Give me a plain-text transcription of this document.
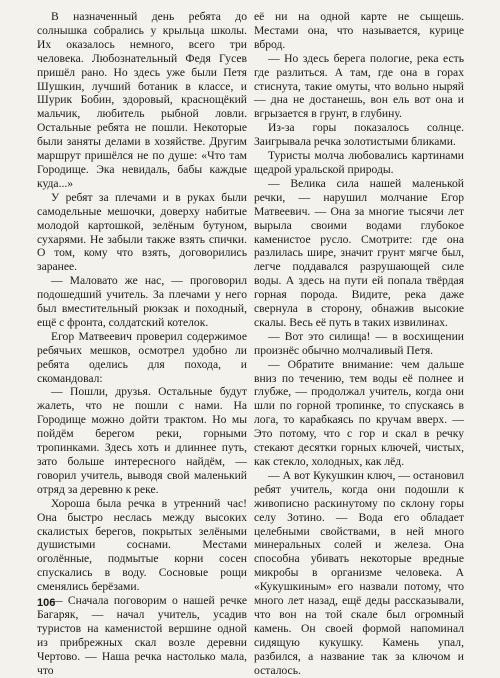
В назначенный день ребята до солнышка собрались у крыльца школы. Их оказалось немного, всего три человека. Любознательный Федя Гусев пришёл рано. Но здесь уже были Петя Шушкин, лучший ботаник в классе, и Шурик Бобин, здоровый, краснощёкий мальчик, любитель рыбной ловли. Остальные ребята не пошли. Некоторые были заняты делами в хозяйстве. Другим маршрут пришёлся не по душе: «Что там Городище. Эка невидаль, бабы каждые куда...»

У ребят за плечами и в руках были самодельные мешочки, доверху набитые молодой картошкой, зелёным бутуном, сухарями. Не забыли также взять спички. О том, кому что взять, договорились заранее.

— Маловато же нас, — проговорил подошедший учитель. За плечами у него был вместительный рюкзак и походный, ещё с фронта, солдатский котелок.

Егор Матвеевич проверил содержимое ребячьих мешков, осмотрел удобно ли ребята оделись для похода, и скомандовал:

— Пошли, друзья. Остальные будут жалеть, что не пошли с нами. На Городище можно дойти трактом. Но мы пойдём берегом реки, горными тропинками. Здесь хоть и длиннее путь, зато больше интересного найдём, — говорил учитель, выводя свой маленький отряд за деревню к реке.

Хороша была речка в утренний час! Она быстро неслась между высоких скалистых берегов, покрытых зелёными душистыми соснами. Местами оголённые, подмытые корни сосен спускались в воду. Сосновые рощи сменялись берёзами.

— Сначала поговорим о нашей речке Багаряк, — начал учитель, усадив туристов на каменистой вершине одной из прибрежных скал возле деревни Чертово. — Наша речка настолько мала, что

её ни на одной карте не сыщешь. Местами она, что называется, курице вброд.

— Но здесь берега пологие, река есть где разлиться. А там, где она в горах стиснута, такие омуты, что вольно ныряй — дна не достанешь, вон ель вот она и вгрызается в грунт, в глубину.

Из-за горы показалось солнце. Заигрывала речка золотистыми бликами.

Туристы молча любовались картинами щедрой уральской природы.

— Велика сила нашей маленькой речки, — нарушил молчание Егор Матвеевич. — Она за многие тысячи лет вырыла своими водами глубокое каменистое русло. Смотрите: где она разлилась шире, значит грунт мягче был, легче поддавался разрушающей силе воды. А здесь на пути ей попала твёрдая горная порода. Видите, река даже свернула в сторону, обнажив высокие скалы. Весь её путь в таких извилинах.

— Вот это силища! — в восхищении произнёс обычно молчаливый Петя.

— Обратите внимание: чем дальше вниз по течению, тем воды её полнее и глубже, — продолжал учитель, когда они шли по горной тропинке, то спускаясь в лога, то карабкаясь по кручам вверх. — Это потому, что с гор и скал в речку стекают десятки горных ключей, чистых, как стекло, холодных, как лёд.

— А вот Кукушкин ключ, — остановил ребят учитель, когда они подошли к живописно раскинутому по склону горы селу Зотино. — Вода его обладает целебными свойствами, в ней много минеральных солей и железа. Она способна убивать некоторые вредные микробы в организме человека. А «Кукушкиным» его назвали потому, что много лет назад, ещё деды рассказывали, что вон на той скале был огромный камень. Он своей формой напоминал сидящую кукушку. Камень упал, разбился, а название так за ключом и осталось.

106
